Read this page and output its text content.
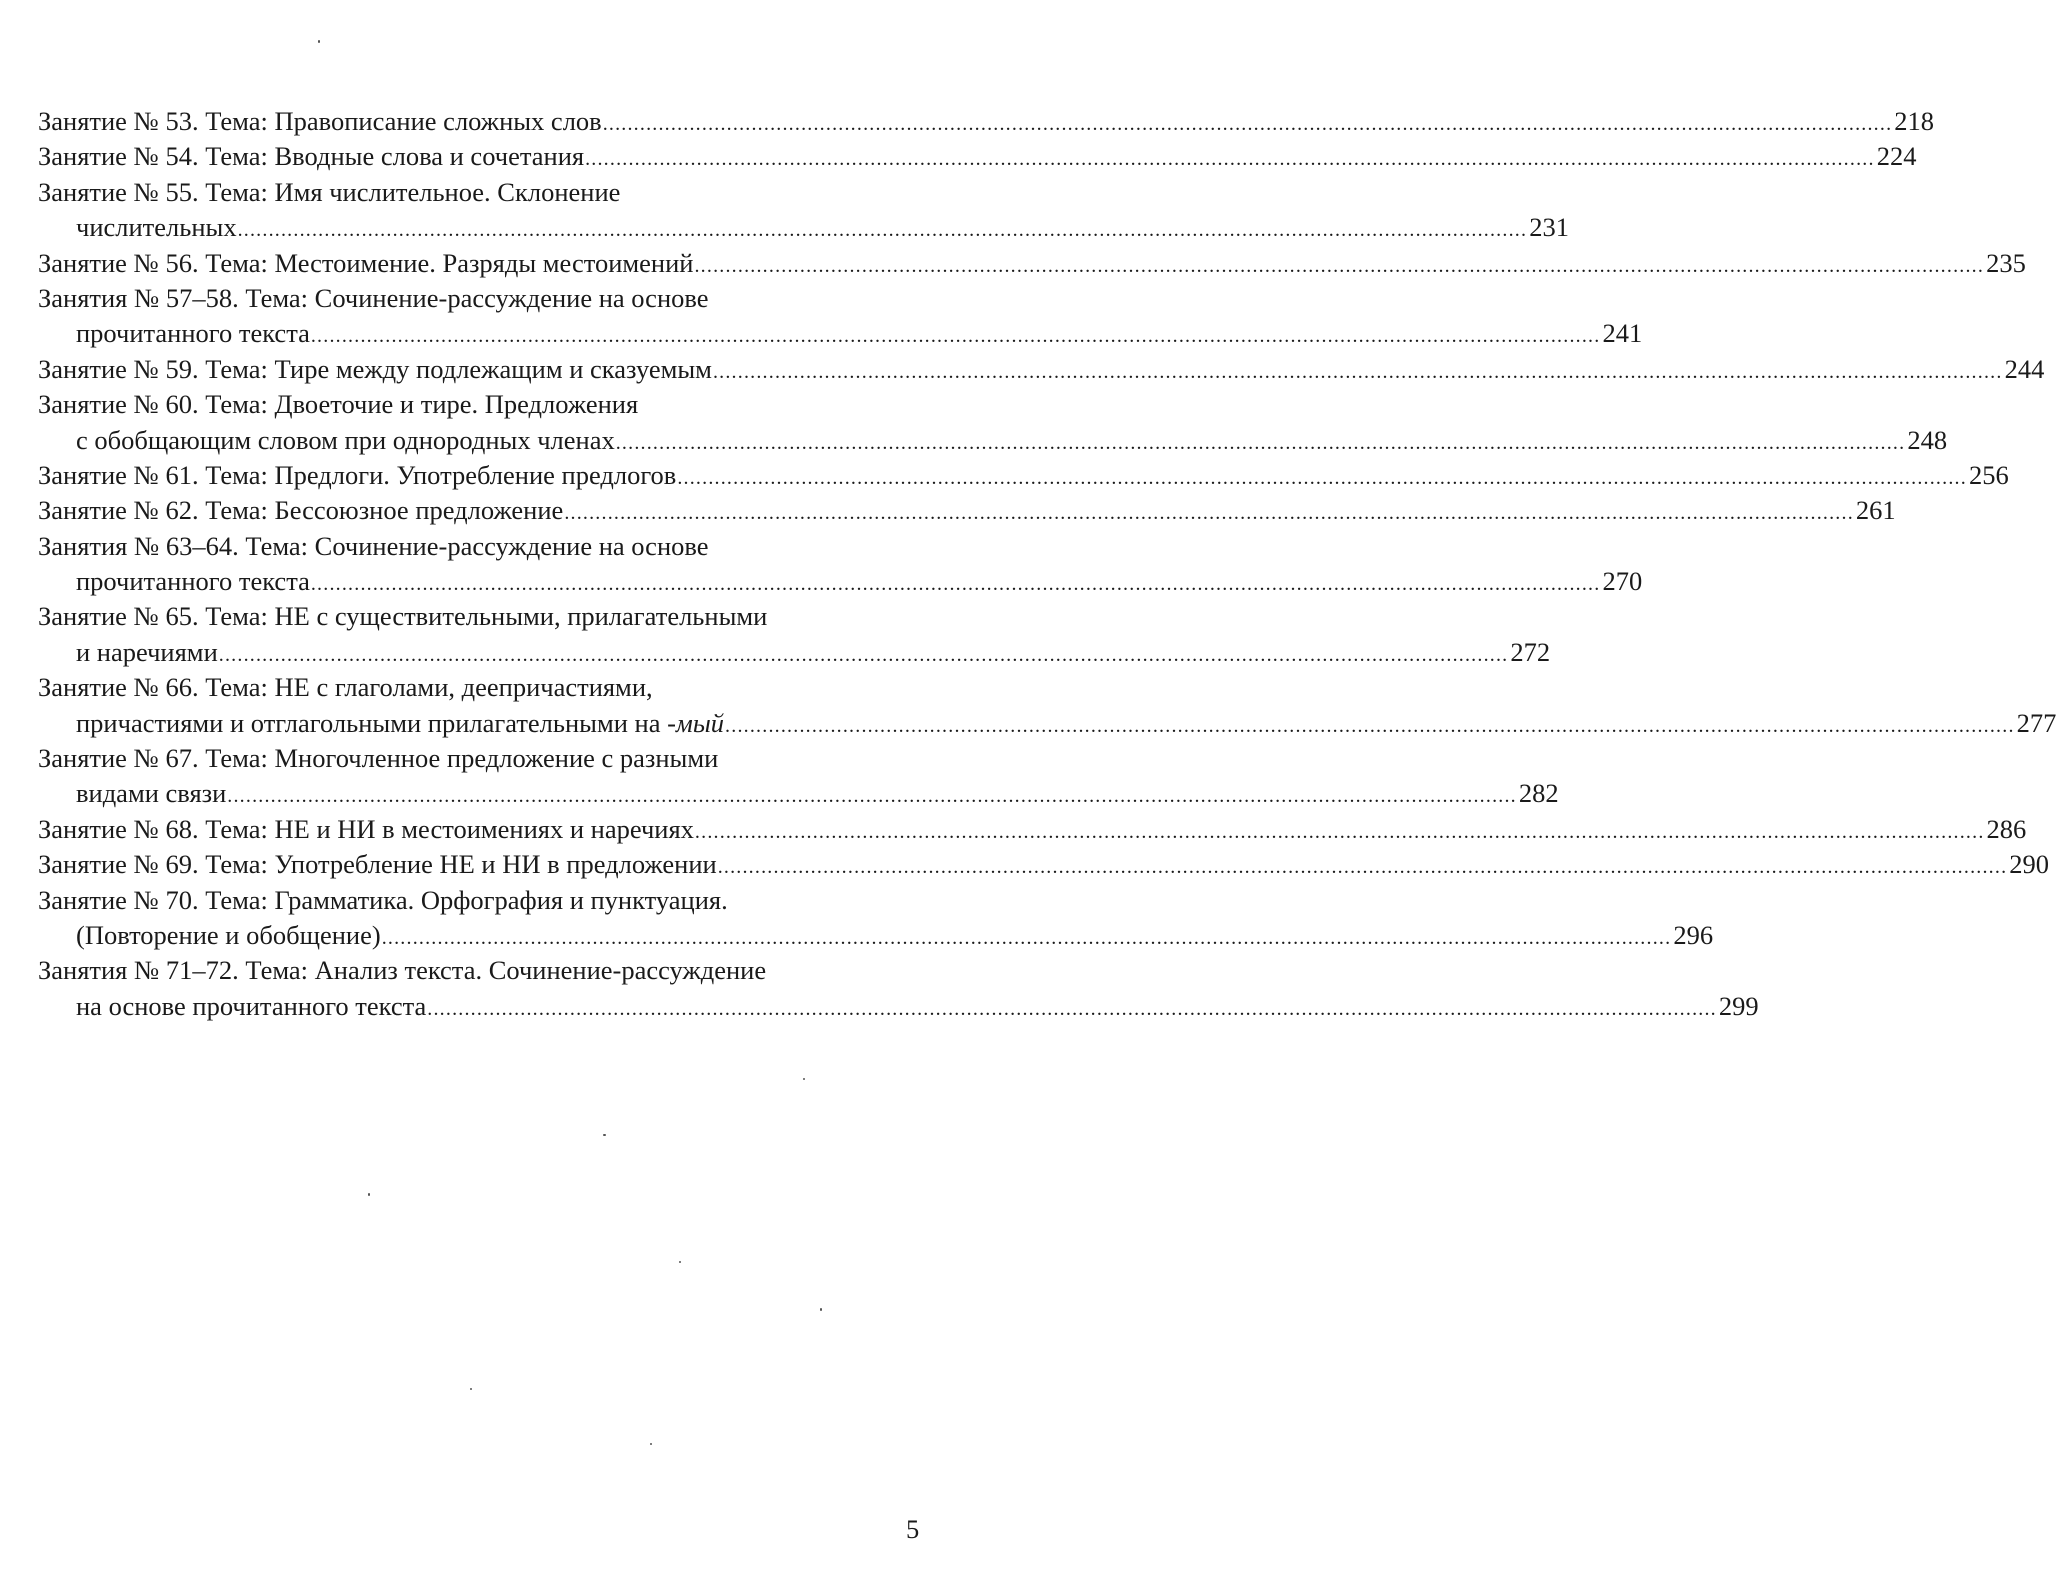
Занятие № 53. Тема: Правописание сложных слов ................................................................................................................................................................................................................ 218
Занятие № 54. Тема: Вводные слова и сочетания ................................................................................................................................................................................................................ 224
Занятие № 55. Тема: Имя числительное. Склонение
числительных ................................................................................................................................................................................................................ 231
Занятие № 56. Тема: Местоимение. Разряды местоимений ................................................................................................................................................................................................................ 235
Занятия № 57–58. Тема: Сочинение-рассуждение на основе
прочитанного текста ................................................................................................................................................................................................................ 241
Занятие № 59. Тема: Тире между подлежащим и сказуемым ................................................................................................................................................................................................................ 244
Занятие № 60. Тема: Двоеточие и тире. Предложения
с обобщающим словом при однородных членах ................................................................................................................................................................................................................ 248
Занятие № 61. Тема: Предлоги. Употребление предлогов ................................................................................................................................................................................................................ 256
Занятие № 62. Тема: Бессоюзное предложение ................................................................................................................................................................................................................ 261
Занятия № 63–64. Тема: Сочинение-рассуждение на основе
прочитанного текста ................................................................................................................................................................................................................ 270
Занятие № 65. Тема: НЕ с существительными, прилагательными
и наречиями ................................................................................................................................................................................................................ 272
Занятие № 66. Тема: НЕ с глаголами, деепричастиями,
причастиями и отглагольными прилагательными на -мый ................................................................................................................................................................................................................ 277
Занятие № 67. Тема: Многочленное предложение с разными
видами связи ................................................................................................................................................................................................................ 282
Занятие № 68. Тема: НЕ и НИ в местоимениях и наречиях ................................................................................................................................................................................................................ 286
Занятие № 69. Тема: Употребление НЕ и НИ в предложении ................................................................................................................................................................................................................ 290
Занятие № 70. Тема: Грамматика. Орфография и пунктуация.
(Повторение и обобщение) ................................................................................................................................................................................................................ 296
Занятия № 71–72. Тема: Анализ текста. Сочинение-рассуждение
на основе прочитанного текста ................................................................................................................................................................................................................ 299
5
